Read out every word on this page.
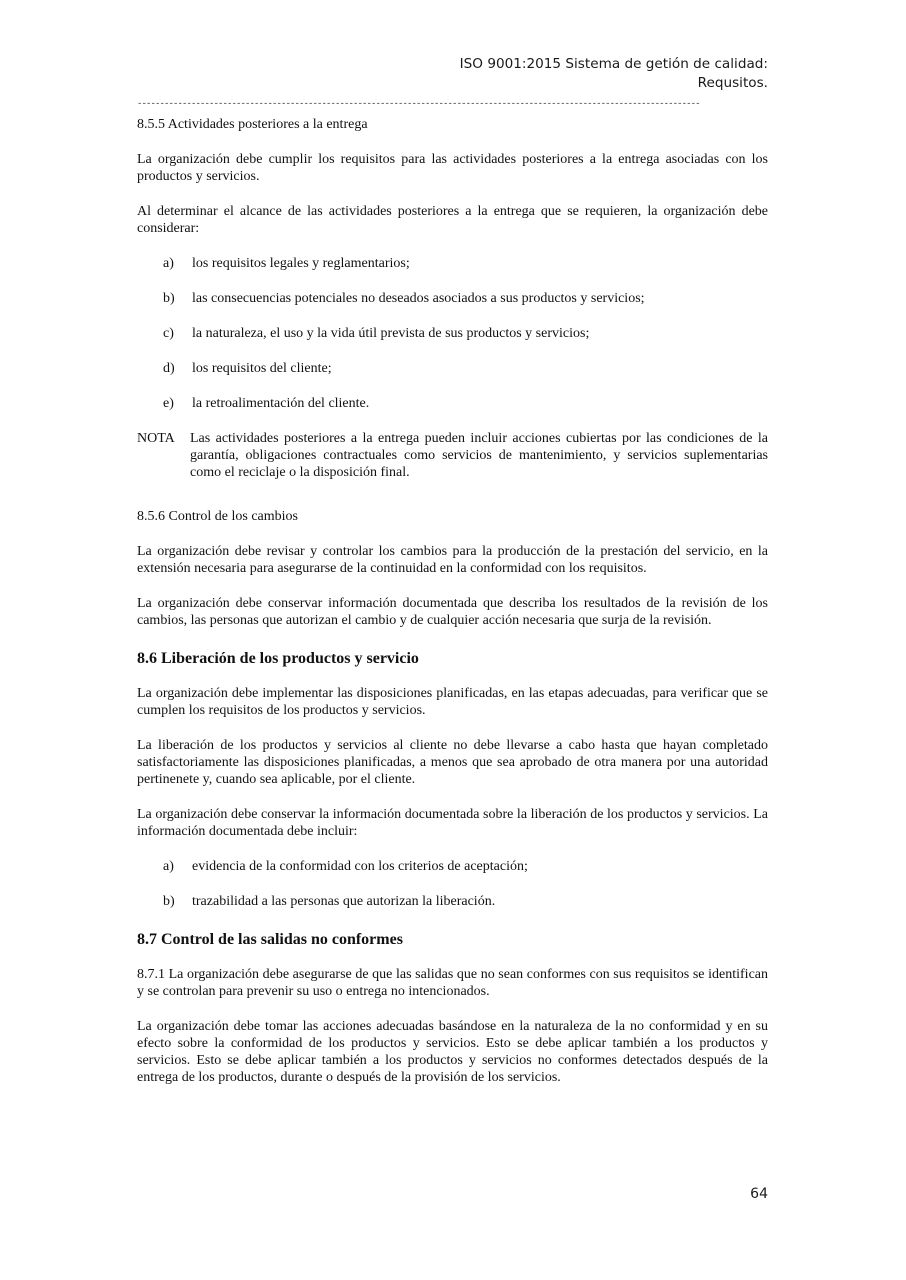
ISO 9001:2015 Sistema de getión de calidad:
Requsitos.
-----------------------------------------------------------------------------------------------------------------------------
8.5.5 Actividades posteriores a la entrega

La organización debe cumplir los requisitos para las actividades posteriores a la entrega asociadas con los productos y servicios.

Al determinar el alcance de las actividades posteriores a la entrega que se requieren, la organización debe considerar:

a)	los requisitos legales y reglamentarios;
b)	las consecuencias potenciales no deseados asociados a sus productos y servicios;
c)	la naturaleza, el uso y la vida útil prevista de sus productos y servicios;
d)	los requisitos del cliente;
e)	la retroalimentación del cliente.
NOTA	Las actividades posteriores a la entrega pueden incluir acciones cubiertas por las condiciones de la garantía, obligaciones contractuales como servicios de mantenimiento, y servicios suplementarias como el reciclaje o la disposición final.
8.5.6 Control de los cambios

La organización debe revisar y controlar los cambios para la producción de la prestación del servicio, en la extensión necesaria para asegurarse de la continuidad en la conformidad con los requisitos.

La organización debe conservar información documentada que describa los resultados de la revisión de los cambios, las personas que autorizan el cambio y de cualquier acción necesaria que surja de la revisión.

8.6 Liberación de los productos y servicio

La organización debe implementar las disposiciones planificadas, en las etapas adecuadas, para verificar que se cumplen los requisitos de los productos y servicios.

La liberación de los productos y servicios al cliente no debe llevarse a cabo hasta que hayan completado satisfactoriamente las disposiciones planificadas, a menos que sea aprobado de otra manera por una autoridad pertinenete y, cuando sea aplicable, por el cliente.

La organización debe conservar la información documentada sobre la liberación de los productos y servicios. La información documentada debe incluir:

a)	evidencia de la conformidad con los criterios de aceptación;
b)	trazabilidad a las personas que autorizan la liberación.
8.7 Control de las salidas no conformes

8.7.1 La organización debe asegurarse de que las salidas que no sean conformes con sus requisitos se identifican y se controlan para prevenir su uso o entrega no intencionados.

La organización debe tomar las acciones adecuadas basándose en la naturaleza de la no conformidad y en su efecto sobre la conformidad de los productos y servicios. Esto se debe aplicar también a los productos y servicios. Esto se debe aplicar también a los productos y servicios no conformes detectados después de la entrega de los productos, durante o después de la provisión de los servicios.

64
